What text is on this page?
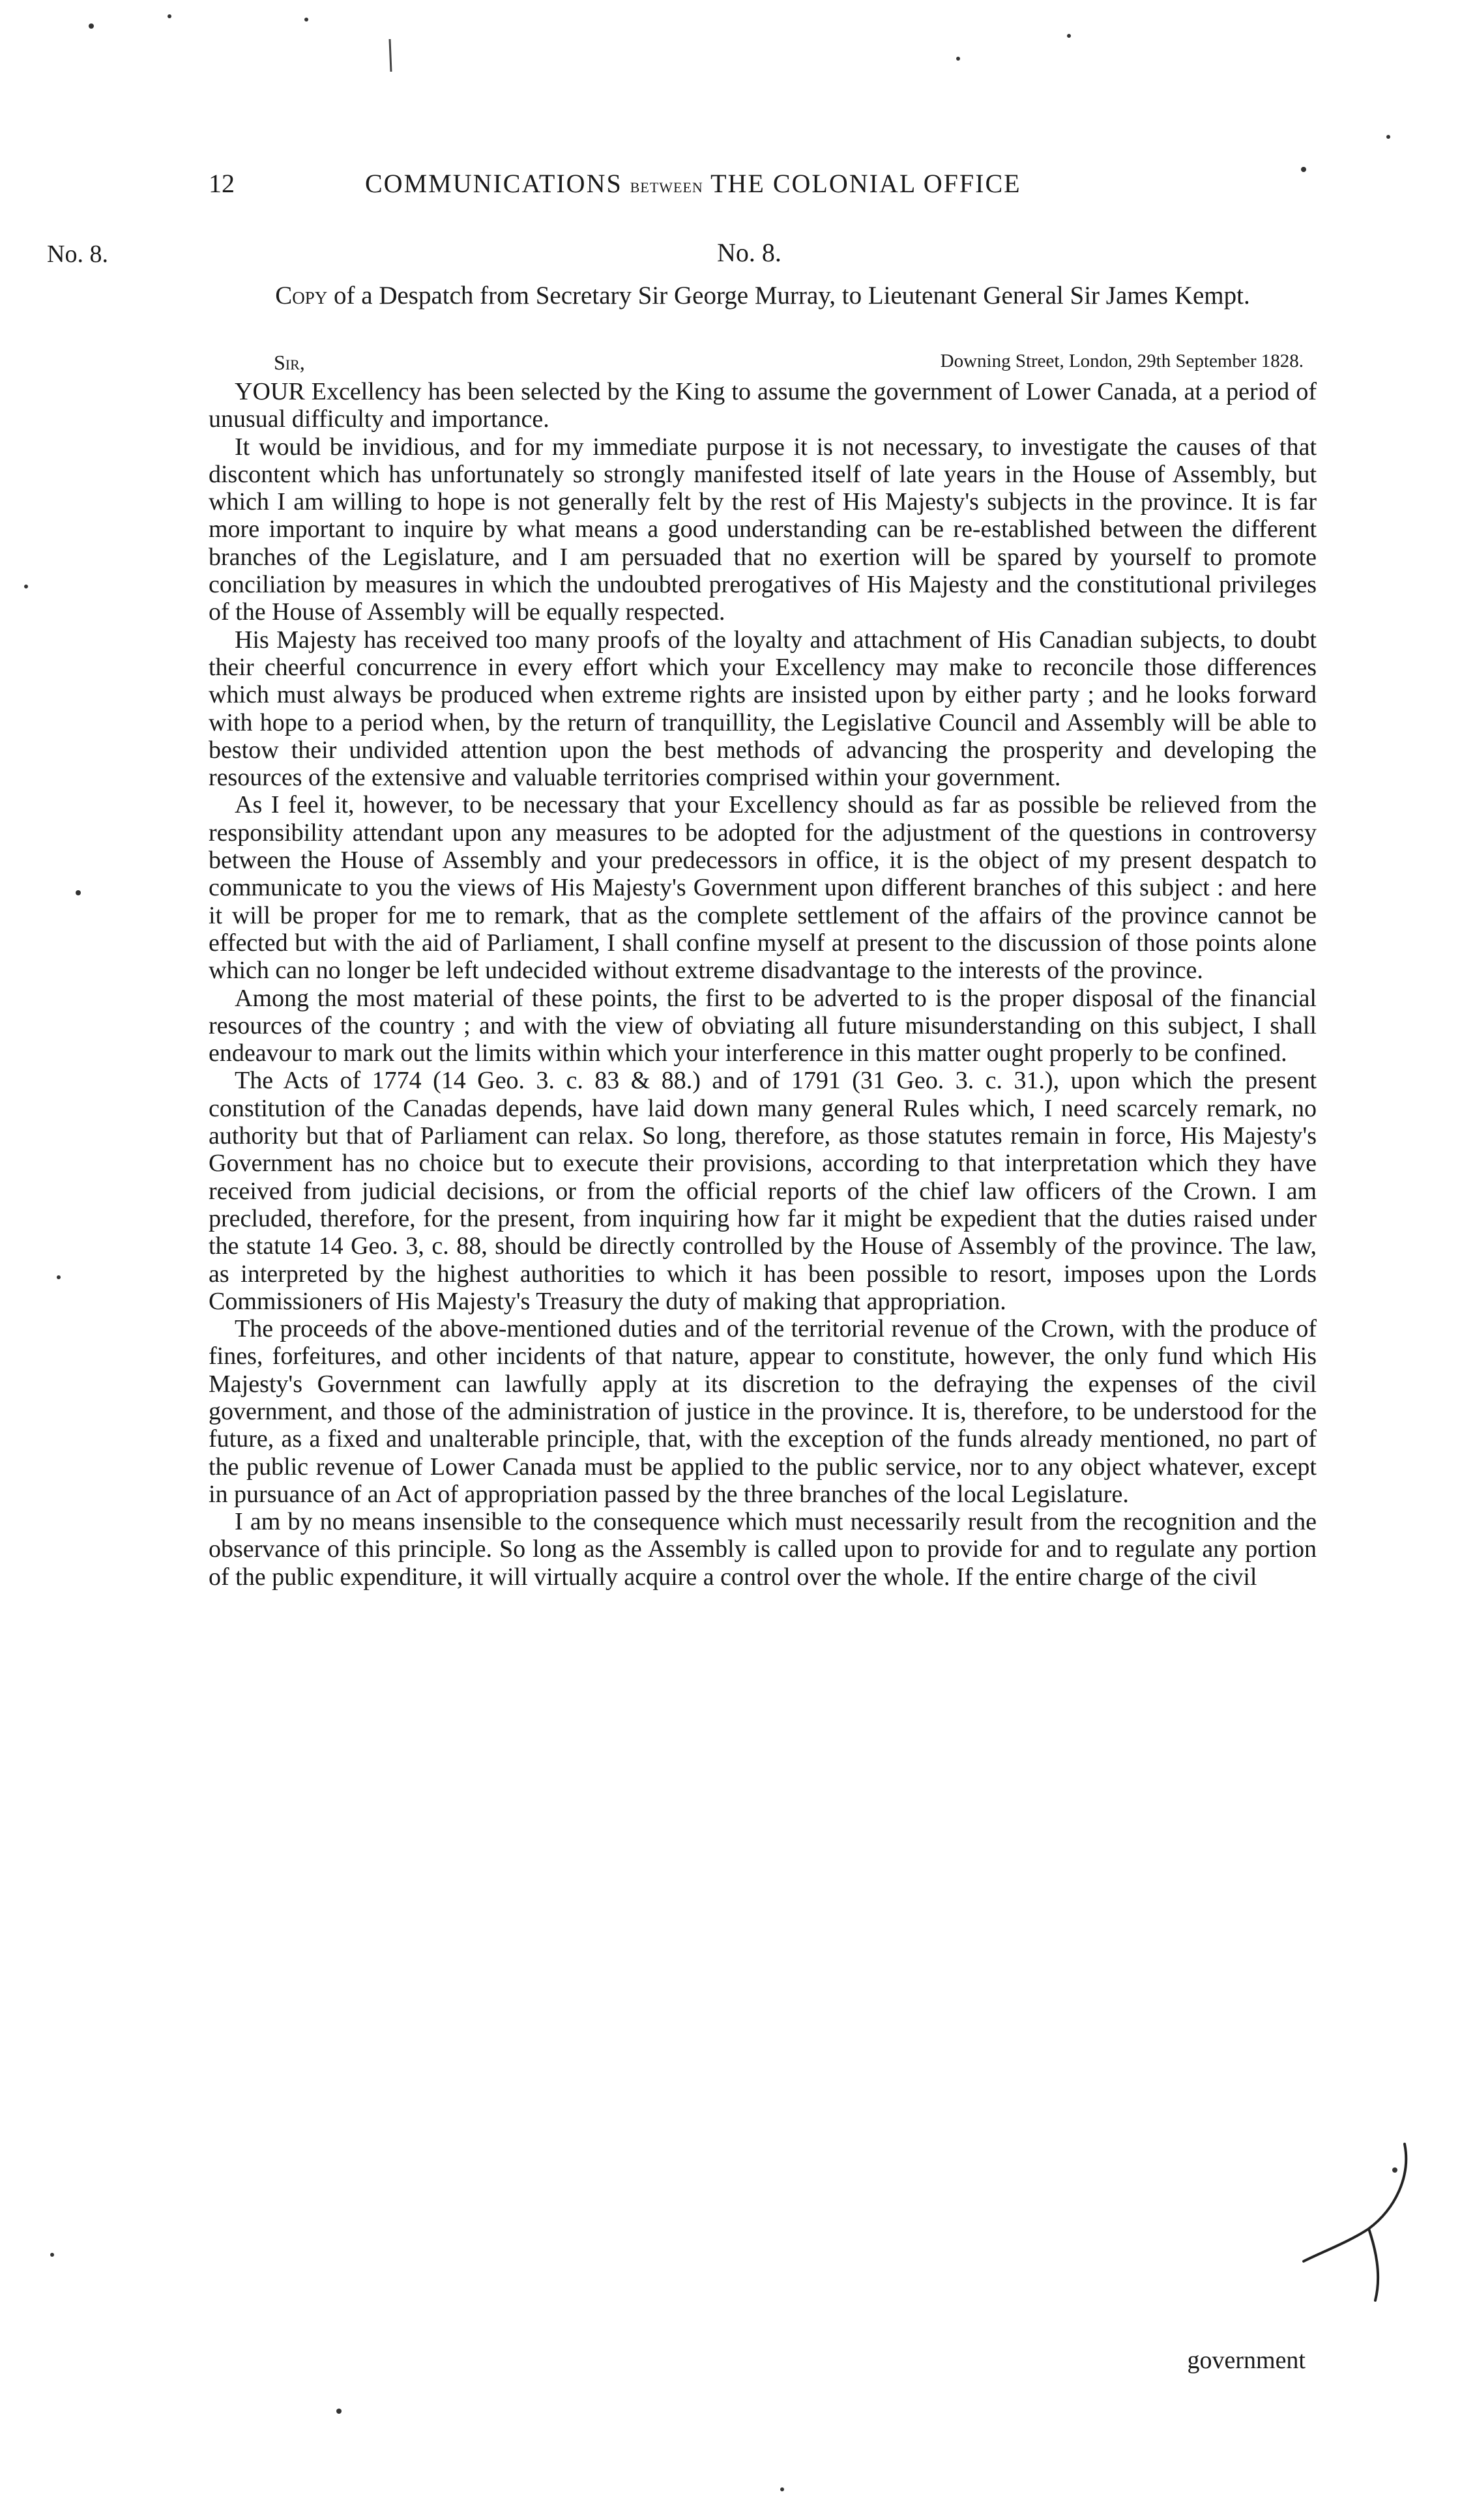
12	COMMUNICATIONS BETWEEN THE COLONIAL OFFICE
No. 8.	No. 8.
Copy of a Despatch from Secretary Sir George Murray, to Lieutenant General Sir James Kempt.
Sir,	Downing Street, London, 29th September 1828.

YOUR Excellency has been selected by the King to assume the government of Lower Canada, at a period of unusual difficulty and importance.

It would be invidious, and for my immediate purpose it is not necessary, to investigate the causes of that discontent which has unfortunately so strongly manifested itself of late years in the House of Assembly, but which I am willing to hope is not generally felt by the rest of His Majesty's subjects in the province. It is far more important to inquire by what means a good understanding can be re-established between the different branches of the Legislature, and I am persuaded that no exertion will be spared by yourself to promote conciliation by measures in which the undoubted prerogatives of His Majesty and the constitutional privileges of the House of Assembly will be equally respected.

His Majesty has received too many proofs of the loyalty and attachment of His Canadian subjects, to doubt their cheerful concurrence in every effort which your Excellency may make to reconcile those differences which must always be produced when extreme rights are insisted upon by either party ; and he looks forward with hope to a period when, by the return of tranquillity, the Legislative Council and Assembly will be able to bestow their undivided attention upon the best methods of advancing the prosperity and developing the resources of the extensive and valuable territories comprised within your government.

As I feel it, however, to be necessary that your Excellency should as far as possible be relieved from the responsibility attendant upon any measures to be adopted for the adjustment of the questions in controversy between the House of Assembly and your predecessors in office, it is the object of my present despatch to communicate to you the views of His Majesty's Government upon different branches of this subject : and here it will be proper for me to remark, that as the complete settlement of the affairs of the province cannot be effected but with the aid of Parliament, I shall confine myself at present to the discussion of those points alone which can no longer be left undecided without extreme disadvantage to the interests of the province.

Among the most material of these points, the first to be adverted to is the proper disposal of the financial resources of the country ; and with the view of obviating all future misunderstanding on this subject, I shall endeavour to mark out the limits within which your interference in this matter ought properly to be confined.

The Acts of 1774 (14 Geo. 3. c. 83 & 88.) and of 1791 (31 Geo. 3. c. 31.), upon which the present constitution of the Canadas depends, have laid down many general Rules which, I need scarcely remark, no authority but that of Parliament can relax. So long, therefore, as those statutes remain in force, His Majesty's Government has no choice but to execute their provisions, according to that interpretation which they have received from judicial decisions, or from the official reports of the chief law officers of the Crown. I am precluded, therefore, for the present, from inquiring how far it might be expedient that the duties raised under the statute 14 Geo. 3, c. 88, should be directly controlled by the House of Assembly of the province. The law, as interpreted by the highest authorities to which it has been possible to resort, imposes upon the Lords Commissioners of His Majesty's Treasury the duty of making that appropriation.

The proceeds of the above-mentioned duties and of the territorial revenue of the Crown, with the produce of fines, forfeitures, and other incidents of that nature, appear to constitute, however, the only fund which His Majesty's Government can lawfully apply at its discretion to the defraying the expenses of the civil government, and those of the administration of justice in the province. It is, therefore, to be understood for the future, as a fixed and unalterable principle, that, with the exception of the funds already mentioned, no part of the public revenue of Lower Canada must be applied to the public service, nor to any object whatever, except in pursuance of an Act of appropriation passed by the three branches of the local Legislature.

I am by no means insensible to the consequence which must necessarily result from the recognition and the observance of this principle. So long as the Assembly is called upon to provide for and to regulate any portion of the public expenditure, it will virtually acquire a control over the whole. If the entire charge of the civil

government
